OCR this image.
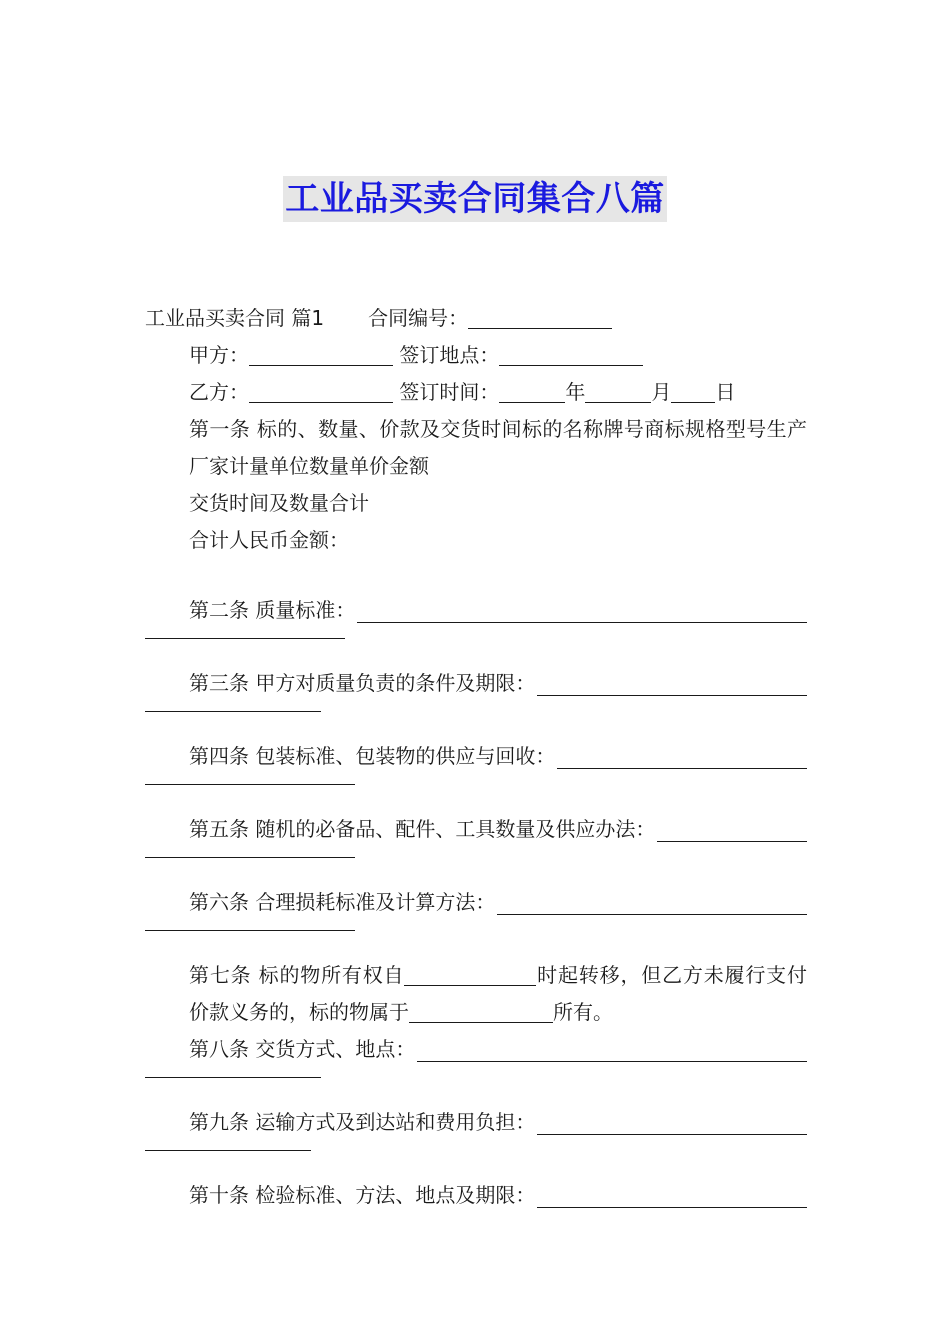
工业品买卖合同集合八篇
工业品买卖合同 篇1 合同编号：
甲方：	签订地点：
乙方：	签订时间：	年	月 日
第一条 标的、数量、价款及交货时间标的名称牌号商标规格型号生产厂家计量单位数量单价金额
交货时间及数量合计
合计人民币金额：
第二条 质量标准：
第三条 甲方对质量负责的条件及期限：
第四条 包装标准、包装物的供应与回收：
第五条 随机的必备品、配件、工具数量及供应办法：
第六条 合理损耗标准及计算方法：
第七条 标的物所有权自	时起转移，但乙方未履行支付价款义务的，标的物属于	所有。
第八条 交货方式、地点：
第九条 运输方式及到达站和费用负担：
第十条 检验标准、方法、地点及期限：
